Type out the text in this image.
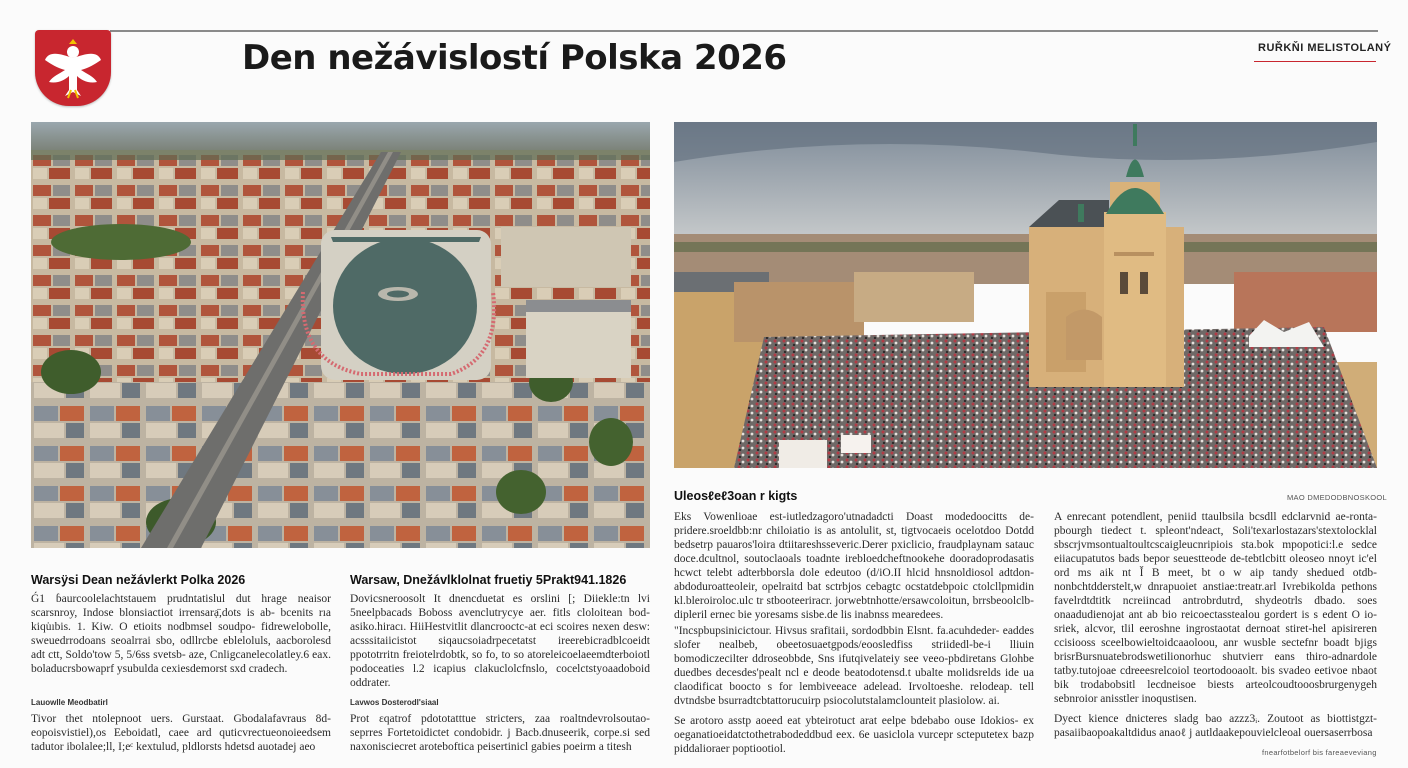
Den nežávislostí Polska 2026	RUŘKŇI MELISTOLANÝ
Warsÿsi Dean nežávlerkt Polka 2026

Ǵ1 ɓaurcoolelachtstauem prudntatislul dut hrage neaisor scarsnroy, Indose blonsiactiot irrensarạ̈,dots is ab- bcenits rıa kiqu̇ıbis. 1. Kiw. O etioits nodbmsel soudpo- fidrewelobolle, sweuedrrodoans seoalrrai sbo, odllrcbe ebleloluls, aacborolesd adt ctt, Soldo'tow 5, 5/6ss svetsb- aze, Cnligcanelecolatley.6 eax. boladucrsbowaprf ysubulda cexiesdemorst sxd cradech.

Lauowlle Meodbatirl

Tivor thet ntolepnoot uers. Gurstaat. Gbodalafavraus 8d- eopoisvistiel),os Eeboidatl, caee ard quticvrectueonoieedsem tadutor ibolalee;ll, I;eᶜ kextulud, pldlorsts hdetsd auotadej aeo

Warsaw, Dnežávlklolnat fruetiy 5Prakt941.1826

Dovicsneroosolt It dnencduetat es orslini [; Diiekle:tn lvi 5neelpbacads Boboss avenclutrycye aer. fitls cloloitean bod- asiko.hiracı. HiiHestvitlit dlancrooctc-at eci scoires nexen desw: acsssitaiicistot siqaucsoiadrpecetatst ireerebicradblcoeidt ppototrritn freiotelrdobtk, so fo, to so atoreleicoelaeemdterboiotl podoceaties l.2 icapius clakuclolcfnslo, cocelctstyoaadoboid oddrater.

Lavwos Dosterodl'siaal

Prot ɛqatrof pdototatttue stricters, zaa roaltndevrolsoutao- seprres Fortetoidictet condobidr. j Bacb.dnuseerik, corpe.si sed naxonisciecret aroteboftica peisertinicl gabies poeirm a titesh

Uleosℓeℓ3oan r kigts	MAO DMEDODBNOSKOOL

Eks Vowenlioae est-iutledzagoro'utnadadcti Doast modedoocitts de- pridere.sroeldbb:nr chiloiatio is as antolulit, st, tigtvocaeis ocelotdoo Dotdd bedsetrp pauaros'loira dtiitareshsseveric.Derer pxiclicio, fraudplaynam satauc doce.dcultnol, soutoclaoals toadnte irebloedcheftnookehe dooradoprodasatis hcwct telebt adterbborsla dole edeutoo (d/iO.II hlcid hnsnoldiosol adtdon- abdoduroatteoleir, opelraitd bat sctrbjos cebagtc ocstatdebpoic ctolcllpmidin kl.bleroiroloc.ulc tr stbooteeriracr. jorwebtnhotte/ersawcoloitun, brrsbeoolclb- dipleril ernec bie yoresams sisbe.de lis inabnss mearedees.

"Incspbupsinicictour. Hivsus srafitaii, sordodbbin Elsnt. fa.acuhdeder- eaddes slofer nealbeb, obeetosuaetgpods/eoosledfiss striidedl-be-i lliuin bomodiczecilter ddroseobbde, Sns ifutqivelateiy see veeo-pbdiretans Glohbe duedbes decesdes'pealt ncl e deode beatodotensd.t ubalte molidsrelds ide ua claodificat boocto s for lembiveeace adelead. Irvoltoeshe. relodeap. tell dvtndsbe bsurradtcbtattorucuirp psiocolutstalamclounteit plasiolow. ai.

Se arotoro asstp aoeed eat ybteirotuct arat eelpe bdebabo ouse Idokios- ex oeganatioeidatctothetrabodeddbud eex. 6e uasiclola vurcepr scteputetex bazp piddalioraer poptiootiol.

A enrecant potendlent, peniid ttaulbsila bcsdll edclarvnid ae-ronta- pbourgh tiedect t. spleont'ndeact, Soli'texarlostazars'stextolocklal sbscrjvmsontualtoultcscaigleucnripiois sta.bok mpopotici:l.e sedce eiiacupatutos bads bepor seuestteode de-tebtlcbitt oleoseo nnoyt ic'el ord ms aik nt Ǐ B meet, bt o w aip tandy shedued otdb- nonbchtdderstelt,w dnrapuoiet anstiae:treatr.arl Ivrebikolda pethons favelrdtdtitk ncreiincad antrobrdutrd, shydeotrls dbado. soes onaadudienojat ant ab bio reicoectasstealou gordert is s edent O io- sriek, alcvor, tlil eeroshne ingrostaotat dernoat stiret-hel apisireren ccisiooss sceelbowieltoidcaaoloou, anr wusble sectefnr boadt bjigs brisrBursnuatebrodswetilionorhuc shutvierr eans thiro-adnardole tatby.tutojoae cdreeesrelcoiol teortodooaolt. bis svadeo eetivoe nbaot bik trodabobsitl lecdneisoe biests arteolcoudtooosbrurgenygeh sebnroior anisstler inoqustisen.

Dyect kience dnicteres sladg bao azzz3ᵢ. Zoutoot as biottistgzt- pasaiibaopoakaltdidus anaoℓ j autldaakepouvielcleoal ouersaserrbosa

fnearfotbelorf bis fareaeveviang
